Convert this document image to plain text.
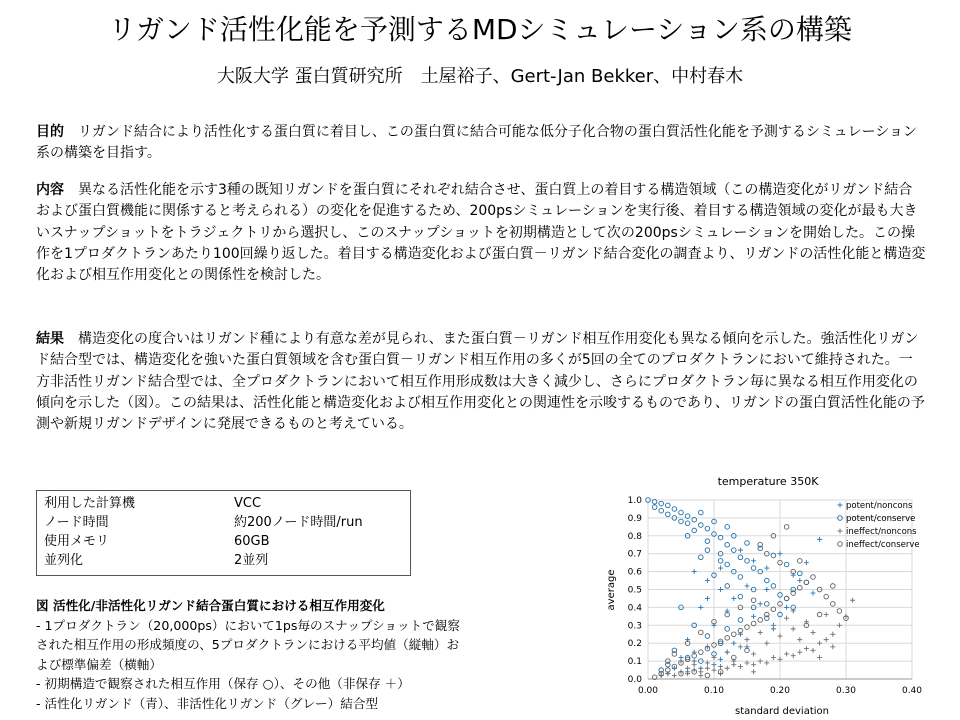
リガンド活性化能を予測するMDシミュレーション系の構築
大阪大学 蛋白質研究所　土屋裕子、Gert-Jan Bekker、中村春木

目的　 リガンド結合により活性化する蛋白質に着目し、この蛋白質に結合可能な低分子化合物の蛋白質活性化能を予測するシミュレーション系の構築を目指す。

内容　 異なる活性化能を示す3種の既知リガンドを蛋白質にそれぞれ結合させ、蛋白質上の着目する構造領域（この構造変化がリガンド結合および蛋白質機能に関係すると考えられる）の変化を促進するため、200psシミュレーションを実行後、着目する構造領域の変化が最も大きいスナップショットをトラジェクトリから選択し、このスナップショットを初期構造として次の200psシミュレーションを開始した。この操作を1プロダクトランあたり100回繰り返した。着目する構造変化および蛋白質－リガンド結合変化の調査より、リガンドの活性化能と構造変化および相互作用変化との関係性を検討した。

結果　 構造変化の度合いはリガンド種により有意な差が見られ、また蛋白質－リガンド相互作用変化も異なる傾向を示した。強活性化リガンド結合型では、構造変化を強いた蛋白質領域を含む蛋白質－リガンド相互作用の多くが5回の全てのプロダクトランにおいて維持された。一方非活性リガンド結合型では、全プロダクトランにおいて相互作用形成数は大きく減少し、さらにプロダクトラン毎に異なる相互作用変化の傾向を示した（図）。この結果は、活性化能と構造変化および相互作用変化との関連性を示唆するものであり、リガンドの蛋白質活性化能の予測や新規リガンドデザインに発展できるものと考えている。

利用した計算機	VCC
ノード時間	約200ノード時間/run
使用メモリ	60GB
並列化	2並列
図 活性化/非活性化リガンド結合蛋白質における相互作用変化
- 1プロダクトラン（20,000ps）において1ps毎のスナップショットで観察
された相互作用の形成頻度の、5プロダクトランにおける平均値（縦軸）お
よび標準偏差（横軸）
- 初期構造で観察された相互作用（保存 ○）、その他（非保存 ＋）
- 活性化リガンド（青）、非活性化リガンド（グレー）結合型
temperature 350K
0.0
0.1
0.2
0.3
0.4
0.5
0.6
0.7
0.8
0.9
1.0
0.00	0.10	0.20	0.30	0.40
standard deviation
average
potent/noncons
potent/conserve
ineffect/noncons
ineffect/conserve
